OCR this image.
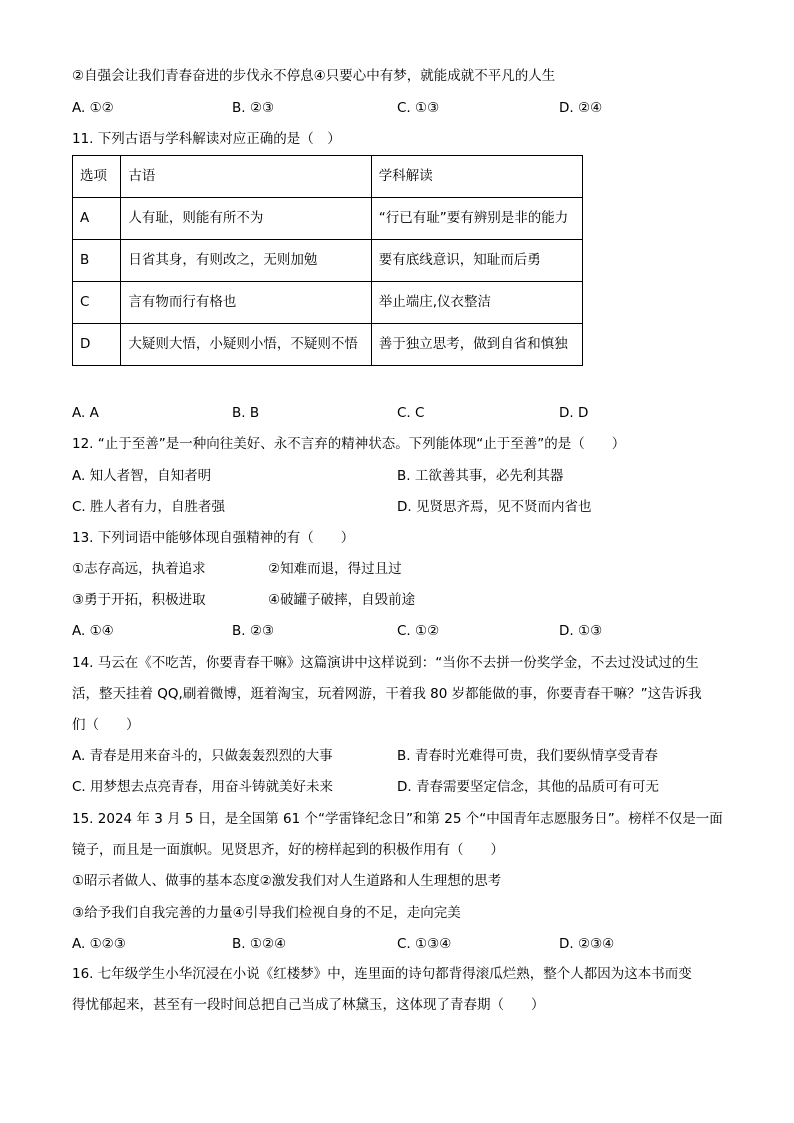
②自强会让我们青春奋进的步伐永不停息④只要心中有梦，就能成就不平凡的人生
A. ①②	B. ②③	C. ①③	D. ②④
11. 下列古语与学科解读对应正确的是（　）
选项	古语	学科解读
A	人有耻，则能有所不为	“行已有耻”要有辨别是非的能力
B	日省其身，有则改之，无则加勉	要有底线意识，知耻而后勇
C	言有物而行有格也	举止端庄,仪衣整洁
D	大疑则大悟，小疑则小悟，不疑则不悟	善于独立思考，做到自省和慎独
A. A	B. B	C. C	D. D
12. “止于至善”是一种向往美好、永不言弃的精神状态。下列能体现“止于至善”的是（　　）
A. 知人者智，自知者明	B. 工欲善其事，必先利其器
C. 胜人者有力，自胜者强	D. 见贤思齐焉，见不贤而内省也
13. 下列词语中能够体现自强精神的有（　　）
①志存高远，执着追求	②知难而退，得过且过
③勇于开拓，积极进取	④破罐子破摔，自毁前途
A. ①④	B. ②③	C. ①②	D. ①③
14. 马云在《不吃苦，你要青春干嘛》这篇演讲中这样说到：“当你不去拼一份奖学金，不去过没试过的生
活，整天挂着 QQ,刷着微博，逛着淘宝，玩着网游，干着我 80 岁都能做的事，你要青春干嘛？”这告诉我
们（　　）
A. 青春是用来奋斗的，只做轰轰烈烈的大事	B. 青春时光难得可贵，我们要纵情享受青春
C. 用梦想去点亮青春，用奋斗铸就美好未来	D. 青春需要坚定信念，其他的品质可有可无
15. 2024 年 3 月 5 日，是全国第 61 个“学雷锋纪念日”和第 25 个“中国青年志愿服务日”。榜样不仅是一面
镜子，而且是一面旗帜。见贤思齐，好的榜样起到的积极作用有（　　）
①昭示者做人、做事的基本态度②激发我们对人生道路和人生理想的思考
③给予我们自我完善的力量④引导我们检视自身的不足，走向完美
A. ①②③	B. ①②④	C. ①③④	D. ②③④
16. 七年级学生小华沉浸在小说《红楼梦》中，连里面的诗句都背得滚瓜烂熟，整个人都因为这本书而变
得忧郁起来，甚至有一段时间总把自己当成了林黛玉，这体现了青春期（　　）
